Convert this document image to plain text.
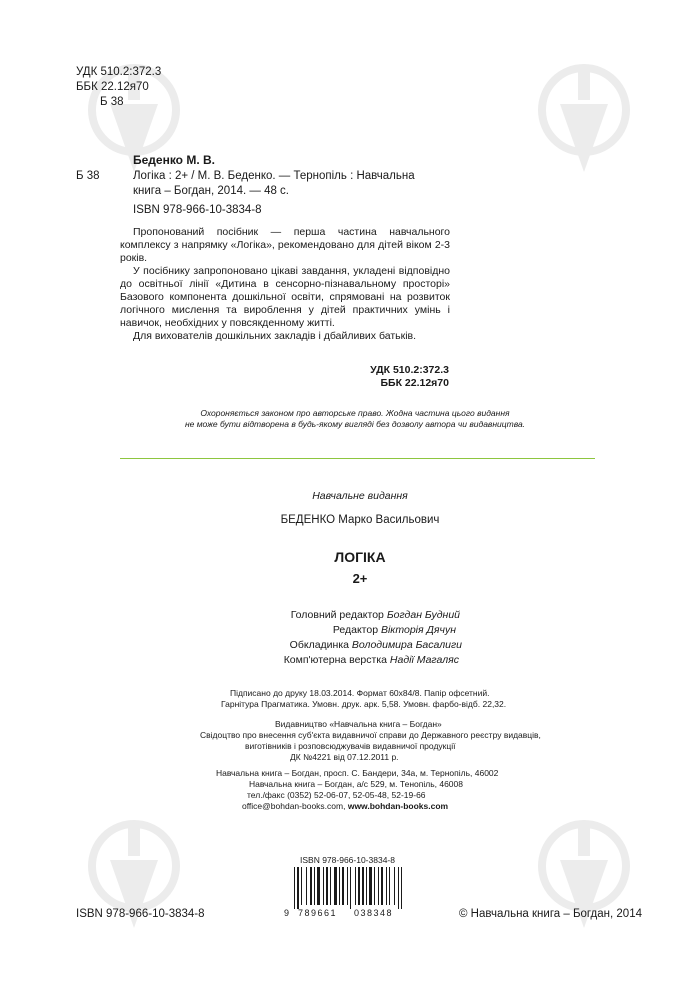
УДК 510.2:372.3
ББК 22.12я70
Б 38
Беденко М. В.
Б 38	Логіка : 2+ / М. В. Беденко. — Тернопіль : Навчальна
книга – Богдан, 2014. — 48 с.
ISBN 978-966-10-3834-8

Пропонований посібник — перша частина навчального комплексу з напрямку «Логіка», рекомендовано для дітей віком 2-3 років.

У посібнику запропоновано цікаві завдання, укладені відповідно до освітньої лінії «Дитина в сенсорно-пізнавальному просторі» Базового компонента дошкільної освіти, спрямовані на розвиток логічного мислення та вироблення у дітей практичних умінь і навичок, необхідних у повсякденному житті.

Для вихователів дошкільних закладів і дбайливих батьків.

УДК 510.2:372.3
ББК 22.12я70
Охороняється законом про авторське право. Жодна частина цього видання
не може бути відтворена в будь-якому вигляді без дозволу автора чи видавництва.
Навчальне видання
БЕДЕНКО Марко Васильович
ЛОГІКА
2+
Головний редактор Богдан Будний
Редактор Вікторія Дячун
Обкладинка Володимира Басалиги
Комп'ютерна верстка Надії Магаляс
Підписано до друку 18.03.2014. Формат 60х84/8. Папір офсетний.
Гарнітура Прагматика. Умовн. друк. арк. 5,58. Умовн. фарбо-відб. 22,32.
Видавництво «Навчальна книга – Богдан»
Свідоцтво про внесення суб'єкта видавничої справи до Державного реєстру видавців,
виготівників і розповсюджувачів видавничої продукції
ДК №4221 від 07.12.2011 р.
Навчальна книга – Богдан, просп. С. Бандери, 34а, м. Тернопіль, 46002
Навчальна книга – Богдан, а/с 529, м. Тенопіль, 46008
тел./факс (0352) 52-06-07, 52-05-48, 52-19-66
office@bohdan-books.com, www.bohdan-books.com
ISBN 978-966-10-3834-8
9 789661 038348
ISBN 978-966-10-3834-8	© Навчальна книга – Богдан, 2014
